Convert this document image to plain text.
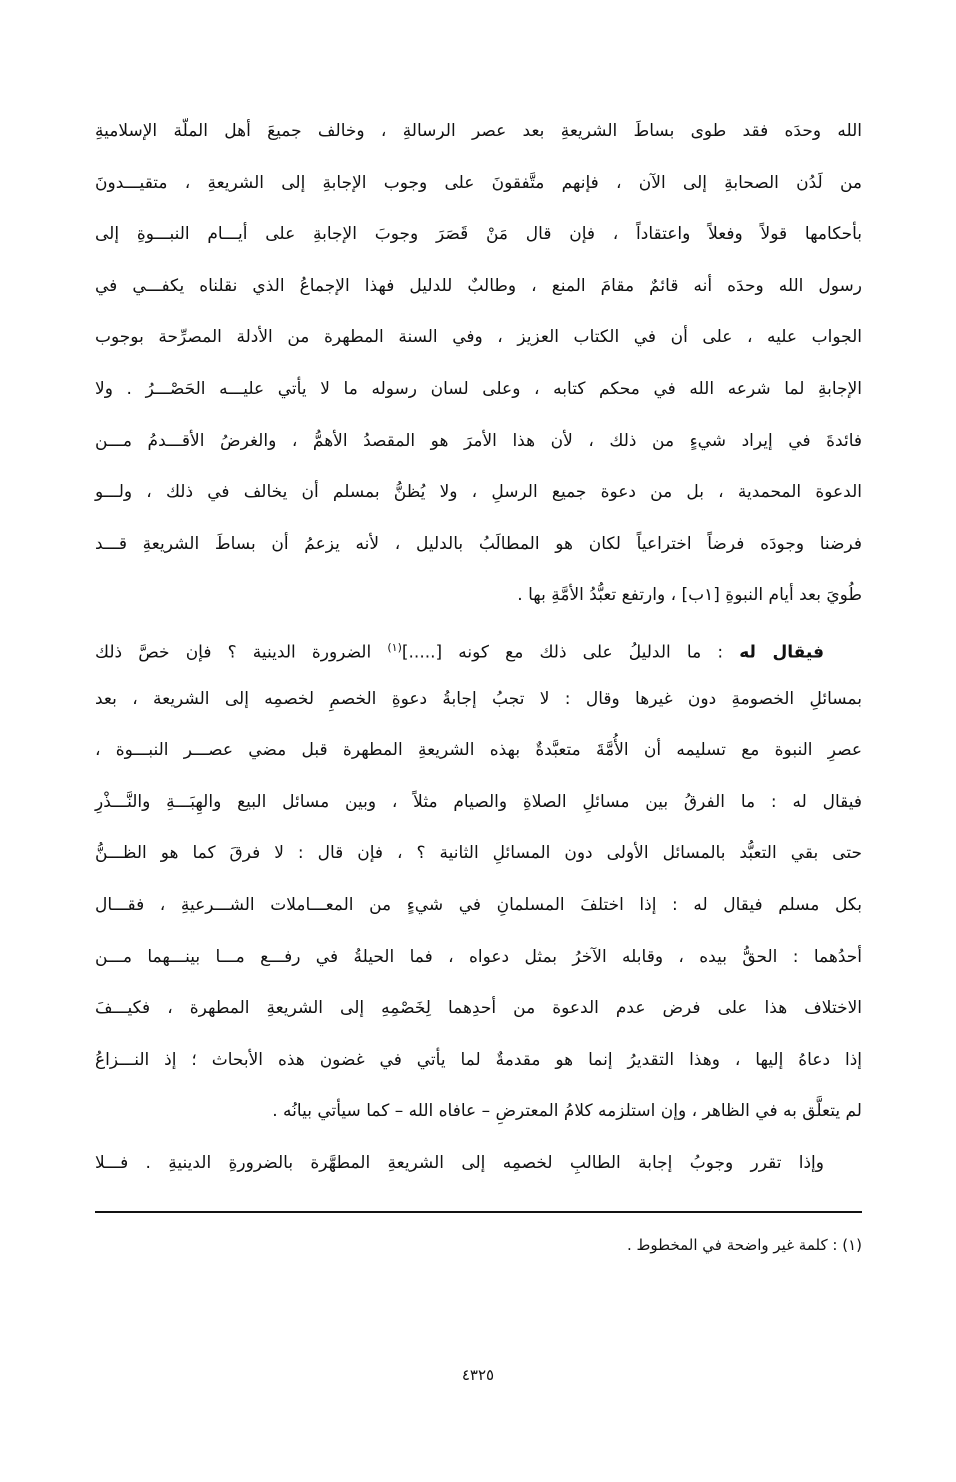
الله وحدَه فقد طوى بساطَ الشريعةِ بعد عصر الرسالةِ ، وخالف جميعَ أهل الملّة الإسلاميةِ
من لَدُن الصحابةِ إلى الآن ، فإنهم متَّفقونَ على وجوب الإجابةِ إلى الشريعةِ ، متقيـــدونَ
بأحكامها قولاً وفعلاً واعتقاداً ، فإن قال مَنْ قَصَرَ وجوبَ الإجابةِ على أيـــام النبـــوةِ إلى
رسول الله وحدَه أنه قائمٌ مقامَ المنع ، وطالبٌ للدليل فهذا الإجماعُ الذي نقلناه يكفـــي في
الجواب عليه ، على أن في الكتاب العزيز ، وفي السنة المطهرة من الأدلة المصرِّحة بوجوب
الإجابةِ لما شرعه الله في محكم كتابه ، وعلى لسان رسوله ما لا يأتي عليـــه الحَصْـــرُ . ولا
فائدةَ في إيراد شيءٍ من ذلك ، لأن هذا الأمرَ هو المقصدُ الأهمُّ ، والغرضُ الأقـــدمُ مـــن
الدعوة المحمدية ، بل من دعوة جميع الرسلِ ، ولا يُظنُّ بمسلم أن يخالف في ذلك ، ولـــو
فرضنا وجودَه فرضاً اختراعياً لكان هو المطالَبُ بالدليل ، لأنه يزعمُ أن بساطَ الشريعةِ قـــد
طُويَ بعد أيام النبوةِ [١ب] ، وارتفع تعبُّدُ الأمَّةِ بها .
فيقال له : ما الدليلُ على ذلك مع كونه [.....]$^{(١)}$ الضرورة الدينية ؟ فإن خصَّ ذلك
بمسائلِ الخصومةِ دون غيرها وقال : لا تجبُ إجابةُ دعوةِ الخصمِ لخصمِه إلى الشريعة ، بعد
عصرِ النبوة مع تسليمه أن الأُمَّةَ متعبَّدةٌ بهذه الشريعةِ المطهرة قبل مضي عصـــر النبـــوة ،
فيقال له : ما الفرقُ بين مسائلِ الصلاةِ والصيام مثلاً ، وبين مسائل البيع والهِبَـــةِ والنَّـــذْرِ
حتى بقي التعبُّد بالمسائل الأولى دون المسائلِ الثانية ؟ ، فإن قال : لا فرقَ كما هو الظـــنُّ
بكل مسلم فيقال له : إذا اختلفَ المسلمانِ في شيءٍ من المعـــاملات الشـــرعيةِ ، فقـــال
أحدُهما : الحقُّ بيده ، وقابله الآخرُ بمثل دعواه ، فما الحيلةُ في رفـــع مـــا بينـــهما مـــن
الاختلاف هذا على فرض عدم الدعوة من أحدِهما لِخَصْمِهِ إلى الشريعةِ المطهرة ، فكيـــفَ
إذا دعاهُ إليها ، وهذا التقديرُ إنما هو مقدمةٌ لما يأتي في غضون هذه الأبحاث ؛ إذ النـــزاعُ
لم يتعلَّق به في الظاهر ، وإن استلزمه كلامُ المعترضِ – عافاه الله – كما سيأتي بيانُه .
وإذا تقرر وجوبُ إجابة الطالبِ لخصمِه إلى الشريعةِ المطهَّرة بالضرورةِ الدينيةِ . فـــلا
(١) : كلمة غير واضحة في المخطوط .
٤٣٢٥
